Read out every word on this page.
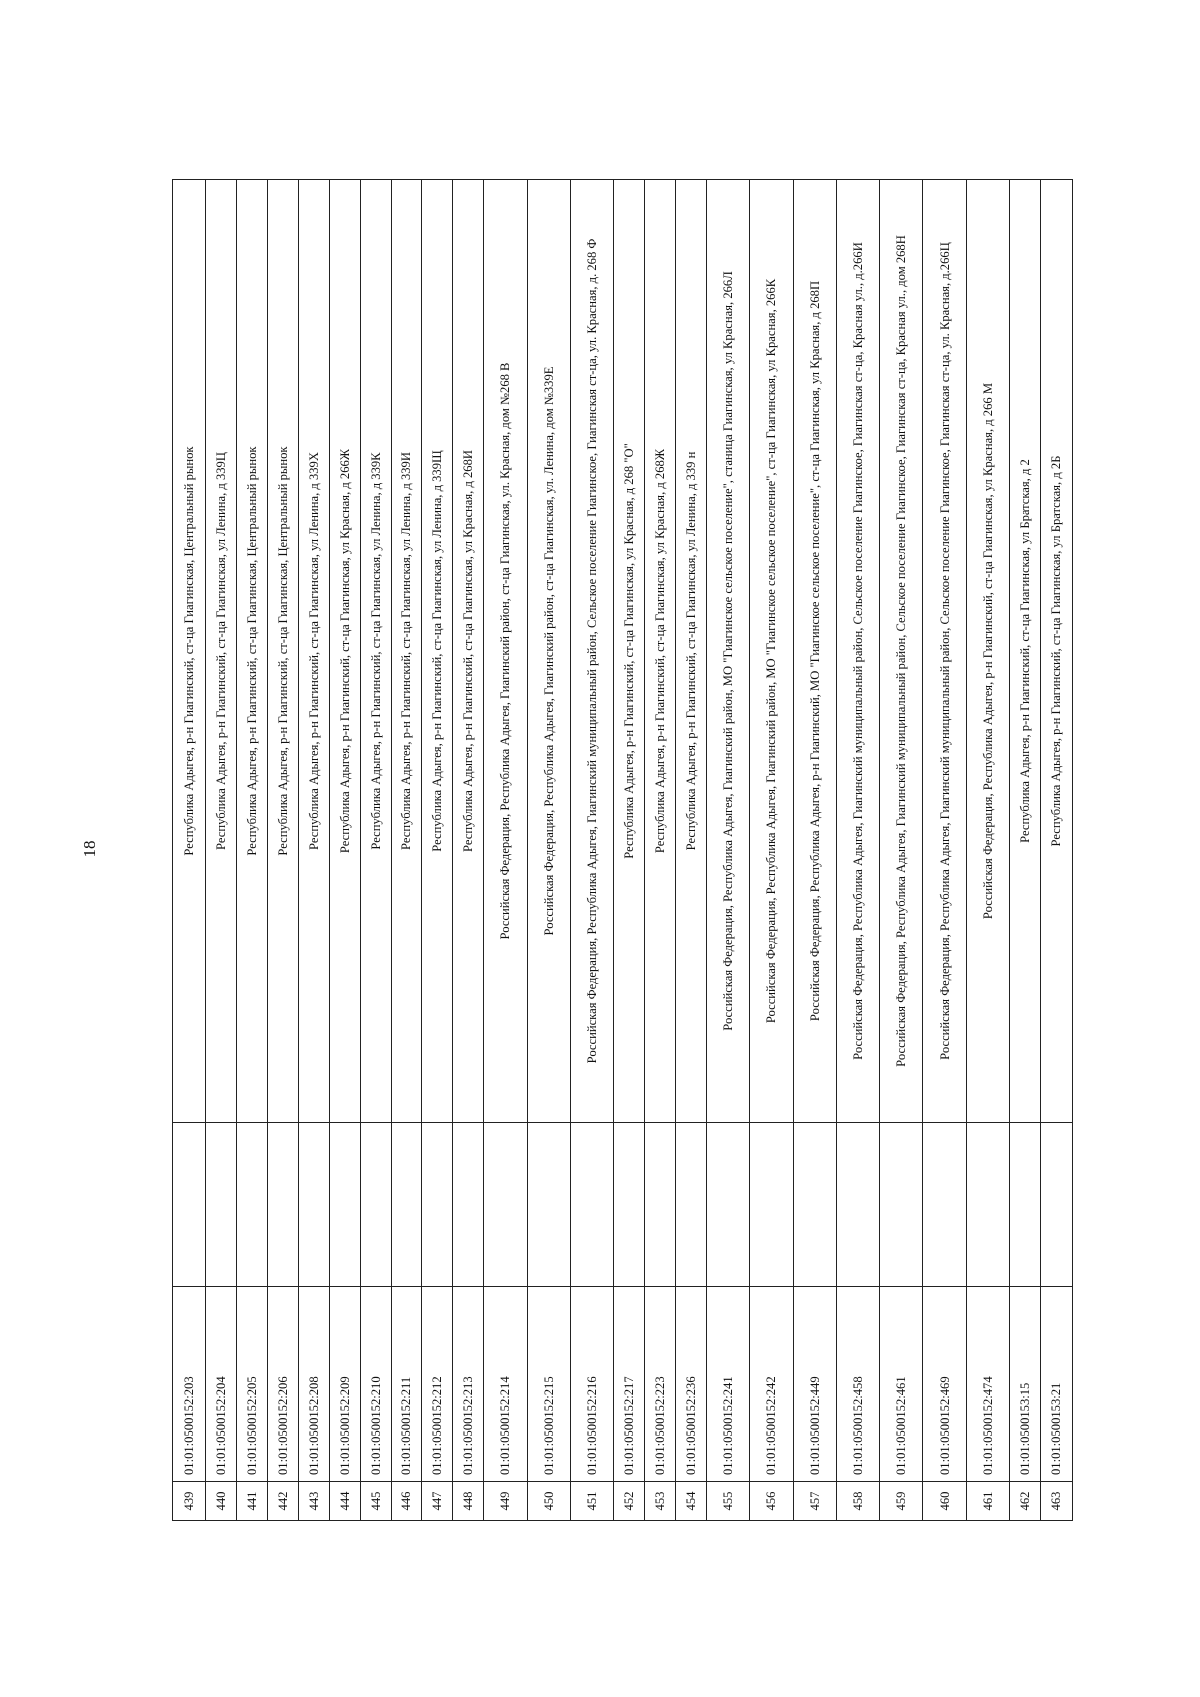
18
439	01:01:0500152:203		Республика Адыгея, р-н Гиагинский, ст-ца Гиагинская, Центральный рынок
440	01:01:0500152:204		Республика Адыгея, р-н Гиагинский, ст-ца Гиагинская, ул Ленина, д 339Ц
441	01:01:0500152:205		Республика Адыгея, р-н Гиагинский, ст-ца Гиагинская, Центральный рынок
442	01:01:0500152:206		Республика Адыгея, р-н Гиагинский, ст-ца Гиагинская, Центральный рынок
443	01:01:0500152:208		Республика Адыгея, р-н Гиагинский, ст-ца Гиагинская, ул Ленина, д 339Х
444	01:01:0500152:209		Республика Адыгея, р-н Гиагинский, ст-ца Гиагинская, ул Красная, д 266Ж
445	01:01:0500152:210		Республика Адыгея, р-н Гиагинский, ст-ца Гиагинская, ул Ленина, д 339К
446	01:01:0500152:211		Республика Адыгея, р-н Гиагинский, ст-ца Гиагинская, ул Ленина, д 339И
447	01:01:0500152:212		Республика Адыгея, р-н Гиагинский, ст-ца Гиагинская, ул Ленина, д 339Щ
448	01:01:0500152:213		Республика Адыгея, р-н Гиагинский, ст-ца Гиагинская, ул Красная, д 268И
449	01:01:0500152:214		Российская Федерация, Республика Адыгея, Гиагинский район, ст-ца Гиагинская, ул. Красная, дом №268 В
450	01:01:0500152:215		Российская Федерация, Республика Адыгея, Гиагинский район, ст-ца Гиагинская, ул. Ленина, дом №339Е
451	01:01:0500152:216		Российская Федерация, Республика Адыгея, Гиагинский муниципальный район, Сельское поселение Гиагинское, Гиагинская ст-ца, ул. Красная, д. 268 Ф
452	01:01:0500152:217		Республика Адыгея, р-н Гиагинский, ст-ца Гиагинская, ул Красная, д 268 "О"
453	01:01:0500152:223		Республика Адыгея, р-н Гиагинский, ст-ца Гиагинская, ул Красная, д 268Ж
454	01:01:0500152:236		Республика Адыгея, р-н Гиагинский, ст-ца Гиагинская, ул Ленина, д 339 н
455	01:01:0500152:241		Российская Федерация, Республика Адыгея, Гиагинский район, МО "Гиагинское сельское поселение", станица Гиагинская, ул Красная, 266Л
456	01:01:0500152:242		Российская Федерация, Республика Адыгея, Гиагинский район, МО "Гиагинское сельское поселение", ст-ца Гиагинская, ул Красная, 266К
457	01:01:0500152:449		Российская Федерация, Республика Адыгея, р-н Гиагинский, МО "Гиагинское сельское поселение", ст-ца Гиагинская, ул Красная, д 268П
458	01:01:0500152:458		Российская Федерация, Республика Адыгея, Гиагинский муниципальный район, Сельское поселение Гиагинское, Гиагинская ст-ца, Красная ул., д.266И
459	01:01:0500152:461		Российская Федерация, Республика Адыгея, Гиагинский муниципальный район, Сельское поселение Гиагинское, Гиагинская ст-ца, Красная ул., дом 268Н
460	01:01:0500152:469		Российская Федерация, Республика Адыгея, Гиагинский муниципальный район, Сельское поселение Гиагинское, Гиагинская ст-ца, ул. Красная, д.266Ц
461	01:01:0500152:474		Российская Федерация, Республика Адыгея, р-н Гиагинский, ст-ца Гиагинская, ул Красная, д 266 М
462	01:01:0500153:15		Республика Адыгея, р-н Гиагинский, ст-ца Гиагинская, ул Братская, д 2
463	01:01:0500153:21		Республика Адыгея, р-н Гиагинский, ст-ца Гиагинская, ул Братская, д 2Б
